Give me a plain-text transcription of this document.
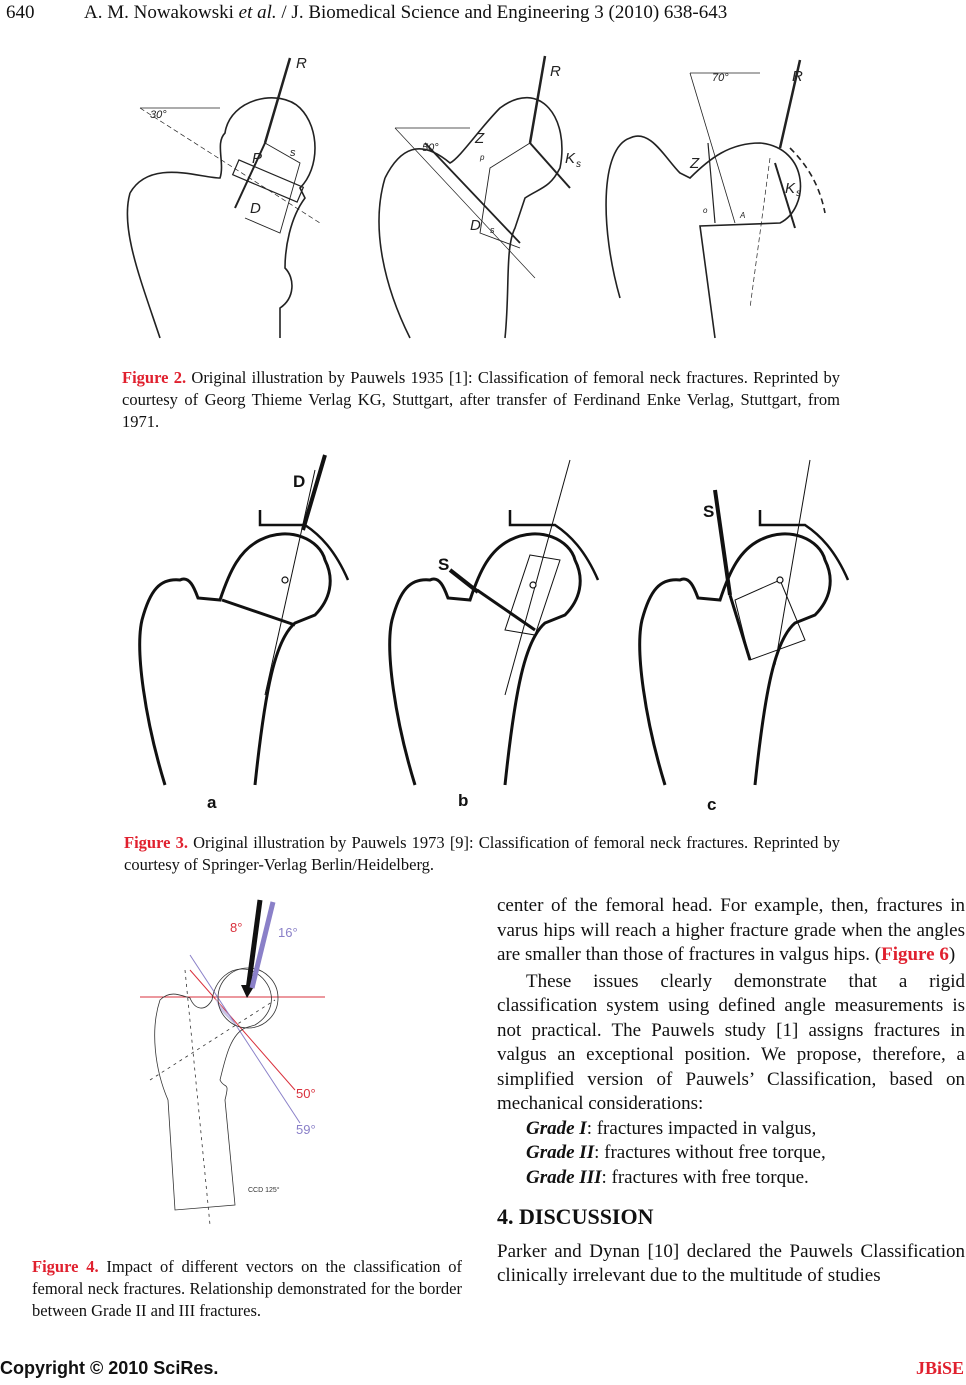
640	A. M. Nowakowski et al. / J. Biomedical Science and Engineering 3 (2010) 638-643
R
30°
P	s
D
R
50°
Z
p	K s
D s
70°	R
Z
K s
o
A
Figure 2. Original illustration by Pauwels 1935 [1]: Classification of femoral neck fractures. Reprinted by courtesy of Georg Thieme Verlag KG, Stuttgart, after transfer of Ferdinand Enke Verlag, Stuttgart, from 1971.
D
S
S
a	b	c
Figure 3. Original illustration by Pauwels 1973 [9]: Classification of femoral neck fractures. Reprinted by courtesy of Springer-Verlag Berlin/Heidelberg.
8°	16°
50°
59°
CCD 125°
Figure 4. Impact of different vectors on the classification of femoral neck fractures. Relationship demonstrated for the border between Grade II and III fractures.

center of the femoral head. For example, then, fractures in varus hips will reach a higher fracture grade when the angles are smaller than those of fractures in valgus hips. (Figure 6)

These issues clearly demonstrate that a rigid classification system using defined angle measurements is not practical. The Pauwels study [1] assigns fractures in valgus an exceptional position. We propose, therefore, a simplified version of Pauwels’ Classification, based on mechanical considerations:

Grade I: fractures impacted in valgus,

Grade II: fractures without free torque,

Grade III: fractures with free torque.

4. DISCUSSION

Parker and Dynan [10] declared the Pauwels Classification clinically irrelevant due to the multitude of studies

Copyright © 2010 SciRes.	JBiSE
